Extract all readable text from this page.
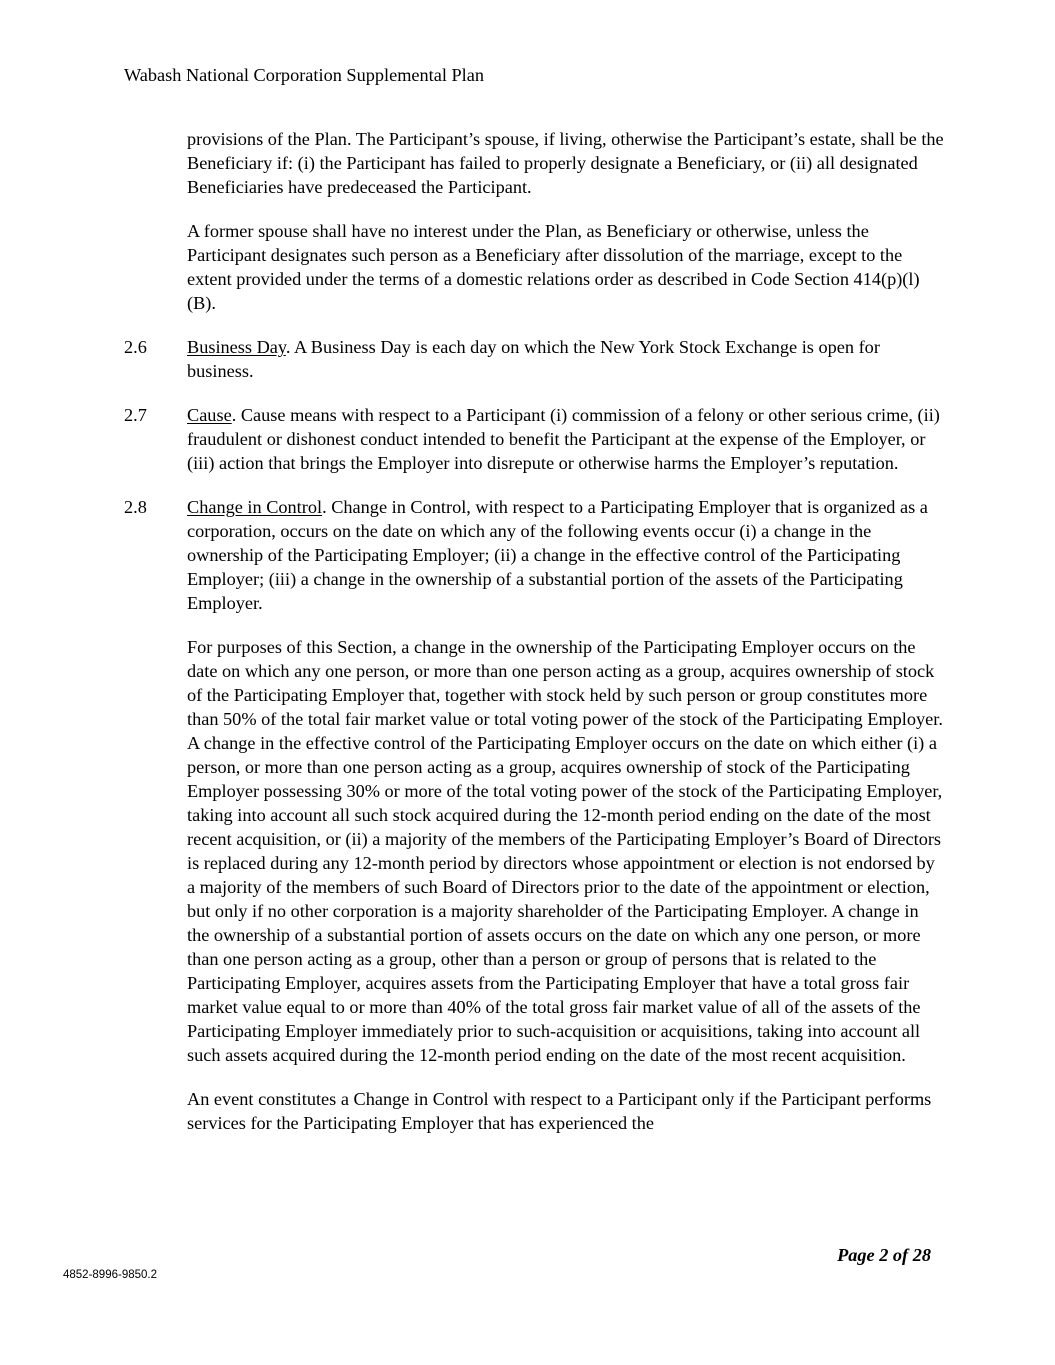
Wabash National Corporation Supplemental Plan

provisions of the Plan. The Participant’s spouse, if living, otherwise the Participant’s estate, shall be the Beneficiary if: (i) the Participant has failed to properly designate a Beneficiary, or (ii) all designated Beneficiaries have predeceased the Participant.

A former spouse shall have no interest under the Plan, as Beneficiary or otherwise, unless the Participant designates such person as a Beneficiary after dissolution of the marriage, except to the extent provided under the terms of a domestic relations order as described in Code Section 414(p)(l)(B).

2.6	Business Day. A Business Day is each day on which the New York Stock Exchange is open for business.
2.7	Cause. Cause means with respect to a Participant (i) commission of a felony or other serious crime, (ii) fraudulent or dishonest conduct intended to benefit the Participant at the expense of the Employer, or (iii) action that brings the Employer into disrepute or otherwise harms the Employer’s reputation.
2.8	Change in Control. Change in Control, with respect to a Participating Employer that is organized as a corporation, occurs on the date on which any of the following events occur (i) a change in the ownership of the Participating Employer; (ii) a change in the effective control of the Participating Employer; (iii) a change in the ownership of a substantial portion of the assets of the Participating Employer.

For purposes of this Section, a change in the ownership of the Participating Employer occurs on the date on which any one person, or more than one person acting as a group, acquires ownership of stock of the Participating Employer that, together with stock held by such person or group constitutes more than 50% of the total fair market value or total voting power of the stock of the Participating Employer. A change in the effective control of the Participating Employer occurs on the date on which either (i) a person, or more than one person acting as a group, acquires ownership of stock of the Participating Employer possessing 30% or more of the total voting power of the stock of the Participating Employer, taking into account all such stock acquired during the 12-month period ending on the date of the most recent acquisition, or (ii) a majority of the members of the Participating Employer’s Board of Directors is replaced during any 12-month period by directors whose appointment or election is not endorsed by a majority of the members of such Board of Directors prior to the date of the appointment or election, but only if no other corporation is a majority shareholder of the Participating Employer. A change in the ownership of a substantial portion of assets occurs on the date on which any one person, or more than one person acting as a group, other than a person or group of persons that is related to the Participating Employer, acquires assets from the Participating Employer that have a total gross fair market value equal to or more than 40% of the total gross fair market value of all of the assets of the Participating Employer immediately prior to such-acquisition or acquisitions, taking into account all such assets acquired during the 12-month period ending on the date of the most recent acquisition.

An event constitutes a Change in Control with respect to a Participant only if the Participant performs services for the Participating Employer that has experienced the

Page 2 of 28
4852-8996-9850.2
